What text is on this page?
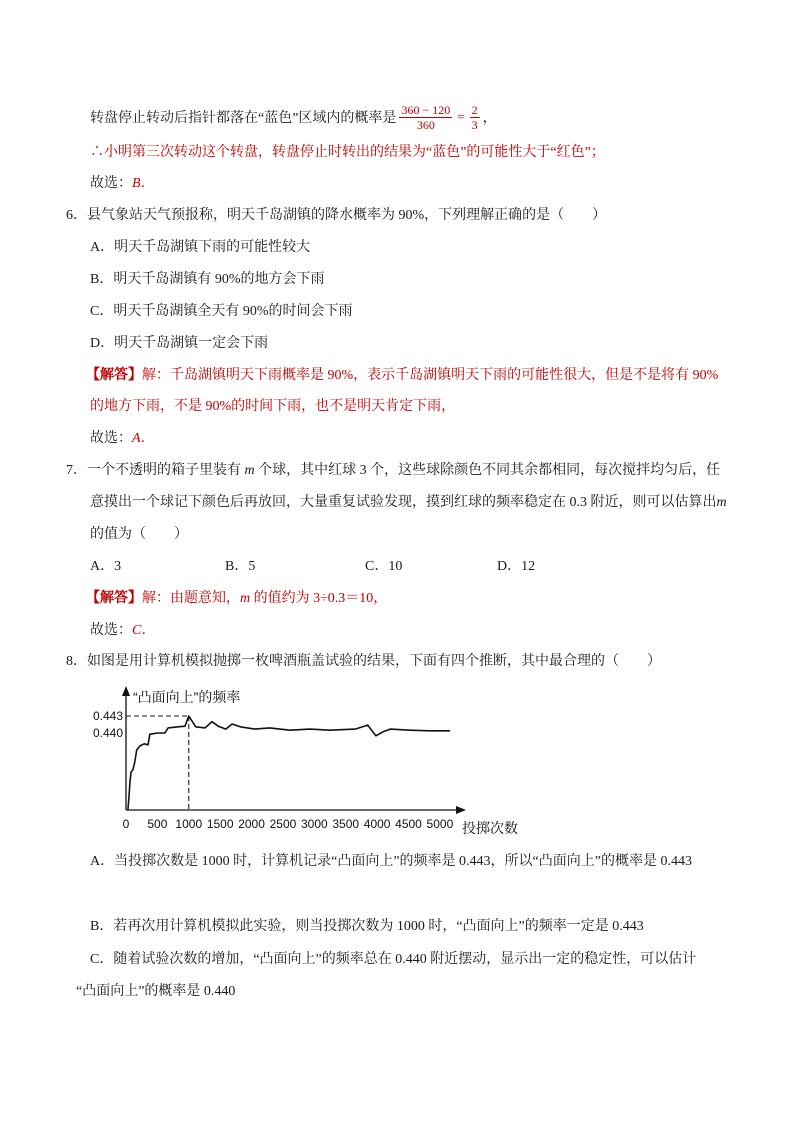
转盘停止转动后指针都落在“蓝色”区域内的概率是 $\frac{360 - 120}{360} = \frac{2}{3}$ ，
∴小明第三次转动这个转盘，转盘停止时转出的结果为“蓝色”的可能性大于“红色”；
故选：B．
6．县气象站天气预报称，明天千岛湖镇的降水概率为 90%，下列理解正确的是（　　）
A．明天千岛湖镇下雨的可能性较大
B．明天千岛湖镇有 90%的地方会下雨
C．明天千岛湖镇全天有 90%的时间会下雨
D．明天千岛湖镇一定会下雨
【解答】解：千岛湖镇明天下雨概率是 90%，表示千岛湖镇明天下雨的可能性很大，但是不是将有 90%
的地方下雨，不是 90%的时间下雨，也不是明天肯定下雨，
故选：A．
7．一个不透明的箱子里装有 m 个球，其中红球 3 个，这些球除颜色不同其余都相同，每次搅拌均匀后，任
意摸出一个球记下颜色后再放回，大量重复试验发现，摸到红球的频率稳定在 0.3 附近，则可以估算出m
的值为（　　）
A．3	B．5	C．10	D．12
【解答】解：由题意知，m 的值约为 3÷0.3＝10，
故选：C．
8．如图是用计算机模拟抛掷一枚啤酒瓶盖试验的结果，下面有四个推断，其中最合理的（　　）
“凸面向上”的频率
投掷次数
0 500 1000 1500 2000 2500 3000 3500 4000 4500 5000
0.443
0.440
A．当投掷次数是 1000 时，计算机记录“凸面向上”的频率是 0.443，所以“凸面向上”的概率是 0.443
B．若再次用计算机模拟此实验，则当投掷次数为 1000 时，“凸面向上”的频率一定是 0.443
C．随着试验次数的增加，“凸面向上”的频率总在 0.440 附近摆动，显示出一定的稳定性，可以估计
“凸面向上”的概率是 0.440
